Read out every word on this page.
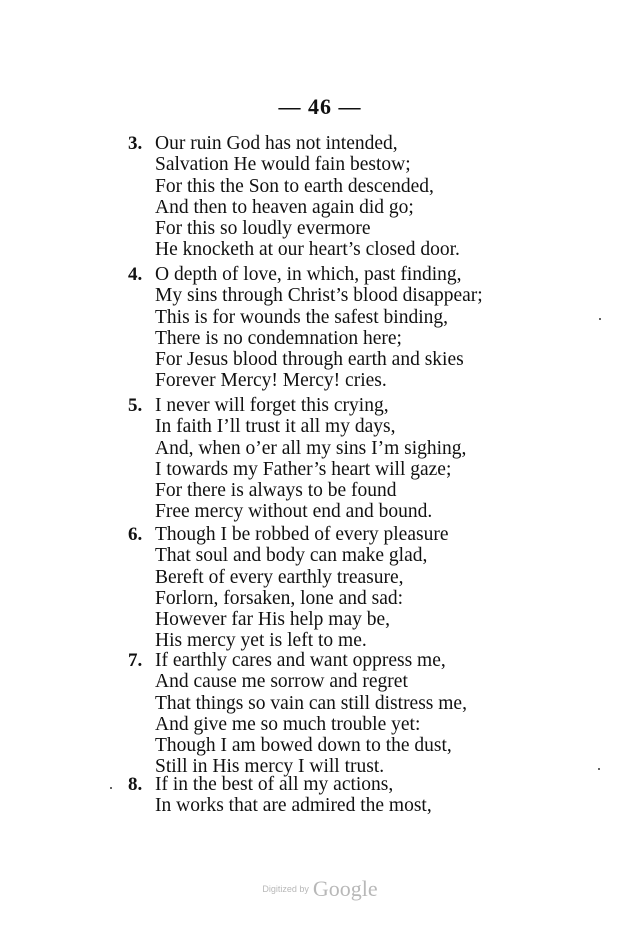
— 46 —
3. Our ruin God has not intended,
Salvation He would fain bestow;
For this the Son to earth descended,
And then to heaven again did go;
For this so loudly evermore
He knocketh at our heart’s closed door.
4. O depth of love, in which, past finding,
My sins through Christ’s blood disappear;
This is for wounds the safest binding,
There is no condemnation here;
For Jesus blood through earth and skies
Forever Mercy! Mercy! cries.
5. I never will forget this crying,
In faith I’ll trust it all my days,
And, when o’er all my sins I’m sighing,
I towards my Father’s heart will gaze;
For there is always to be found
Free mercy without end and bound.
6. Though I be robbed of every pleasure
That soul and body can make glad,
Bereft of every earthly treasure,
Forlorn, forsaken, lone and sad:
However far His help may be,
His mercy yet is left to me.
7. If earthly cares and want oppress me,
And cause me sorrow and regret
That things so vain can still distress me,
And give me so much trouble yet:
Though I am bowed down to the dust,
Still in His mercy I will trust.
8. If in the best of all my actions,
In works that are admired the most,
Digitized by Google
